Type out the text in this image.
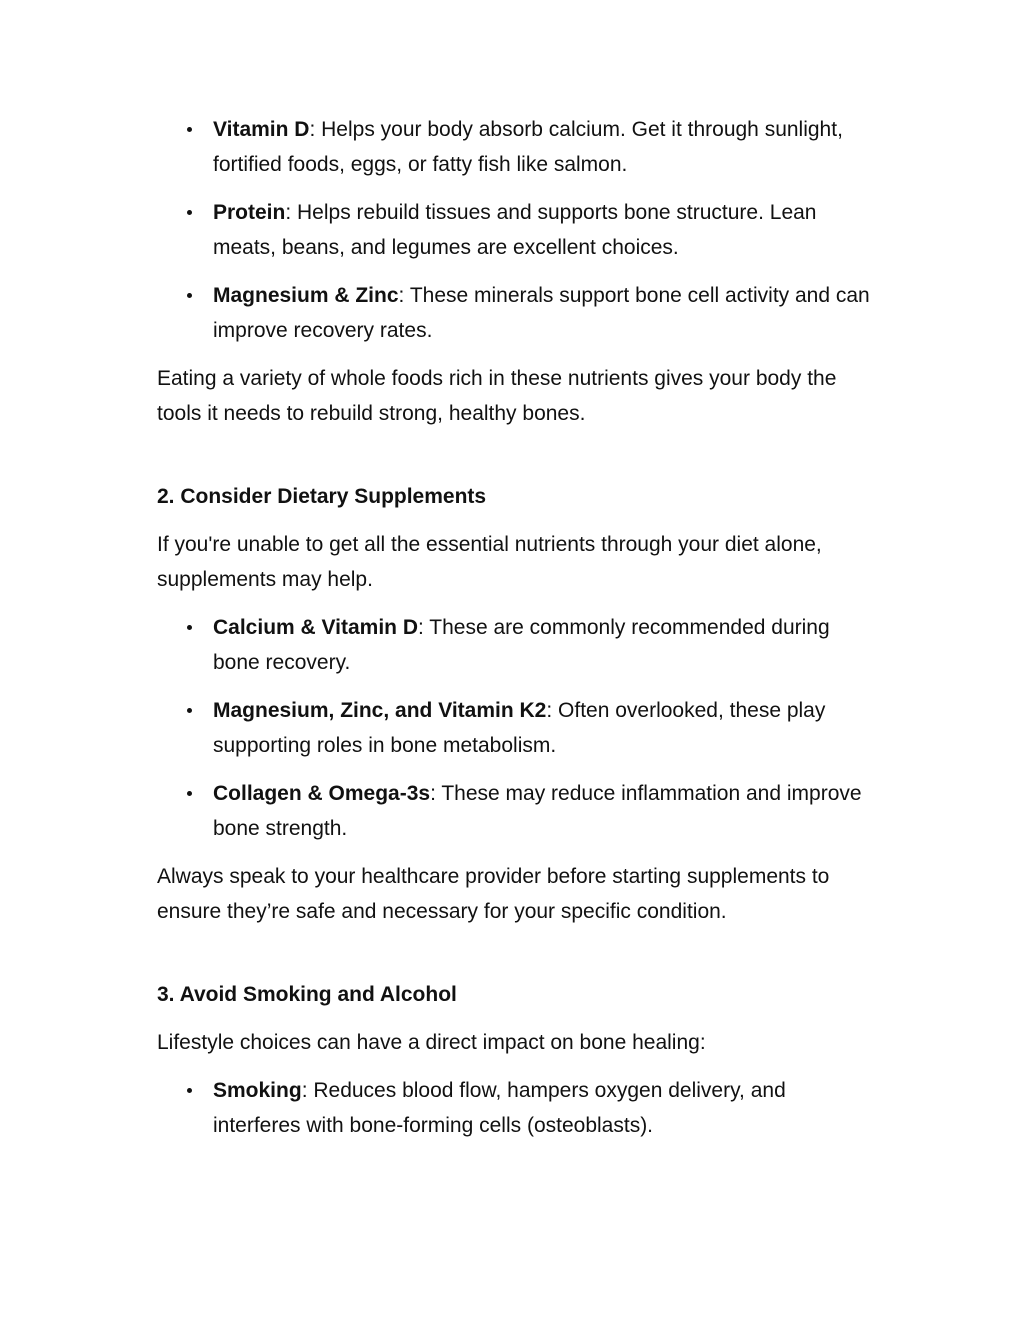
Vitamin D: Helps your body absorb calcium. Get it through sunlight, fortified foods, eggs, or fatty fish like salmon.
Protein: Helps rebuild tissues and supports bone structure. Lean meats, beans, and legumes are excellent choices.
Magnesium & Zinc: These minerals support bone cell activity and can improve recovery rates.

Eating a variety of whole foods rich in these nutrients gives your body the tools it needs to rebuild strong, healthy bones.

2. Consider Dietary Supplements

If you're unable to get all the essential nutrients through your diet alone, supplements may help.

Calcium & Vitamin D: These are commonly recommended during bone recovery.
Magnesium, Zinc, and Vitamin K2: Often overlooked, these play supporting roles in bone metabolism.
Collagen & Omega-3s: These may reduce inflammation and improve bone strength.

Always speak to your healthcare provider before starting supplements to ensure they’re safe and necessary for your specific condition.

3. Avoid Smoking and Alcohol

Lifestyle choices can have a direct impact on bone healing:

Smoking: Reduces blood flow, hampers oxygen delivery, and interferes with bone-forming cells (osteoblasts).
